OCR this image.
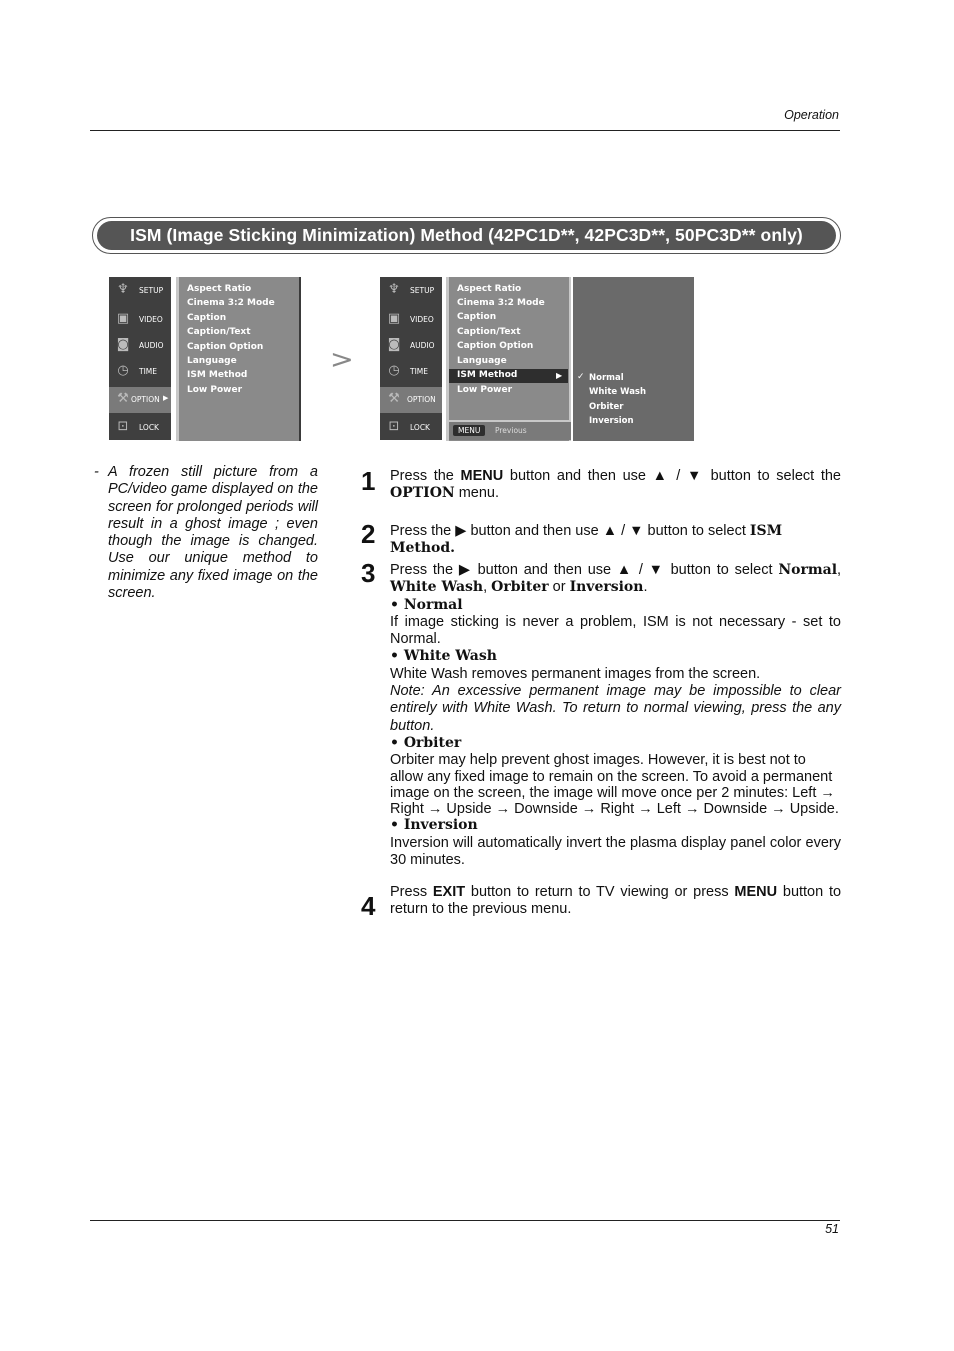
Operation
ISM (Image Sticking Minimization) Method (42PC1D**, 42PC3D**, 50PC3D** only)
♆ SETUP
▣ VIDEO
◙ AUDIO
◷	TIME
⚒ OPTION ▶
⊡	LOCK
Aspect Ratio
Cinema 3:2 Mode
Caption
Caption/Text
Caption Option
Language
ISM Method
Low Power
>
♆ SETUP
▣ VIDEO
◙ AUDIO
◷	TIME
⚒ OPTION
⊡	LOCK
Aspect Ratio
Cinema 3:2 Mode
Caption
Caption/Text
Caption Option
Language
ISM Method	▶
Low Power
MENU	Previous
✓ Normal
White Wash
Orbiter
Inversion
- A frozen still picture from a PC/video game displayed on the screen for prolonged periods will result in a ghost image ; even though the image is changed. Use our unique method to minimize any fixed image on the screen.
1 Press the MENU button and then use ▲ / ▼ button to select the OPTION menu.
2 Press the ▶ button and then use ▲ / ▼ button to select ISM Method.
3 Press the ▶ button and then use ▲ / ▼ button to select Normal, White Wash, Orbiter or Inversion.
• Normal
If image sticking is never a problem, ISM is not necessary - set to Normal.
• White Wash
White Wash removes permanent images from the screen.
Note: An excessive permanent image may be impossible to clear entirely with White Wash. To return to normal viewing, press the any button.
• Orbiter
Orbiter may help prevent ghost images. However, it is best not to allow any fixed image to remain on the screen. To avoid a permanent image on the screen, the image will move once per 2 minutes: Left → Right → Upside → Downside → Right → Left → Downside → Upside.
• Inversion
Inversion will automatically invert the plasma display panel color every 30 minutes.
4 Press EXIT button to return to TV viewing or press MENU button to return to the previous menu.
51
